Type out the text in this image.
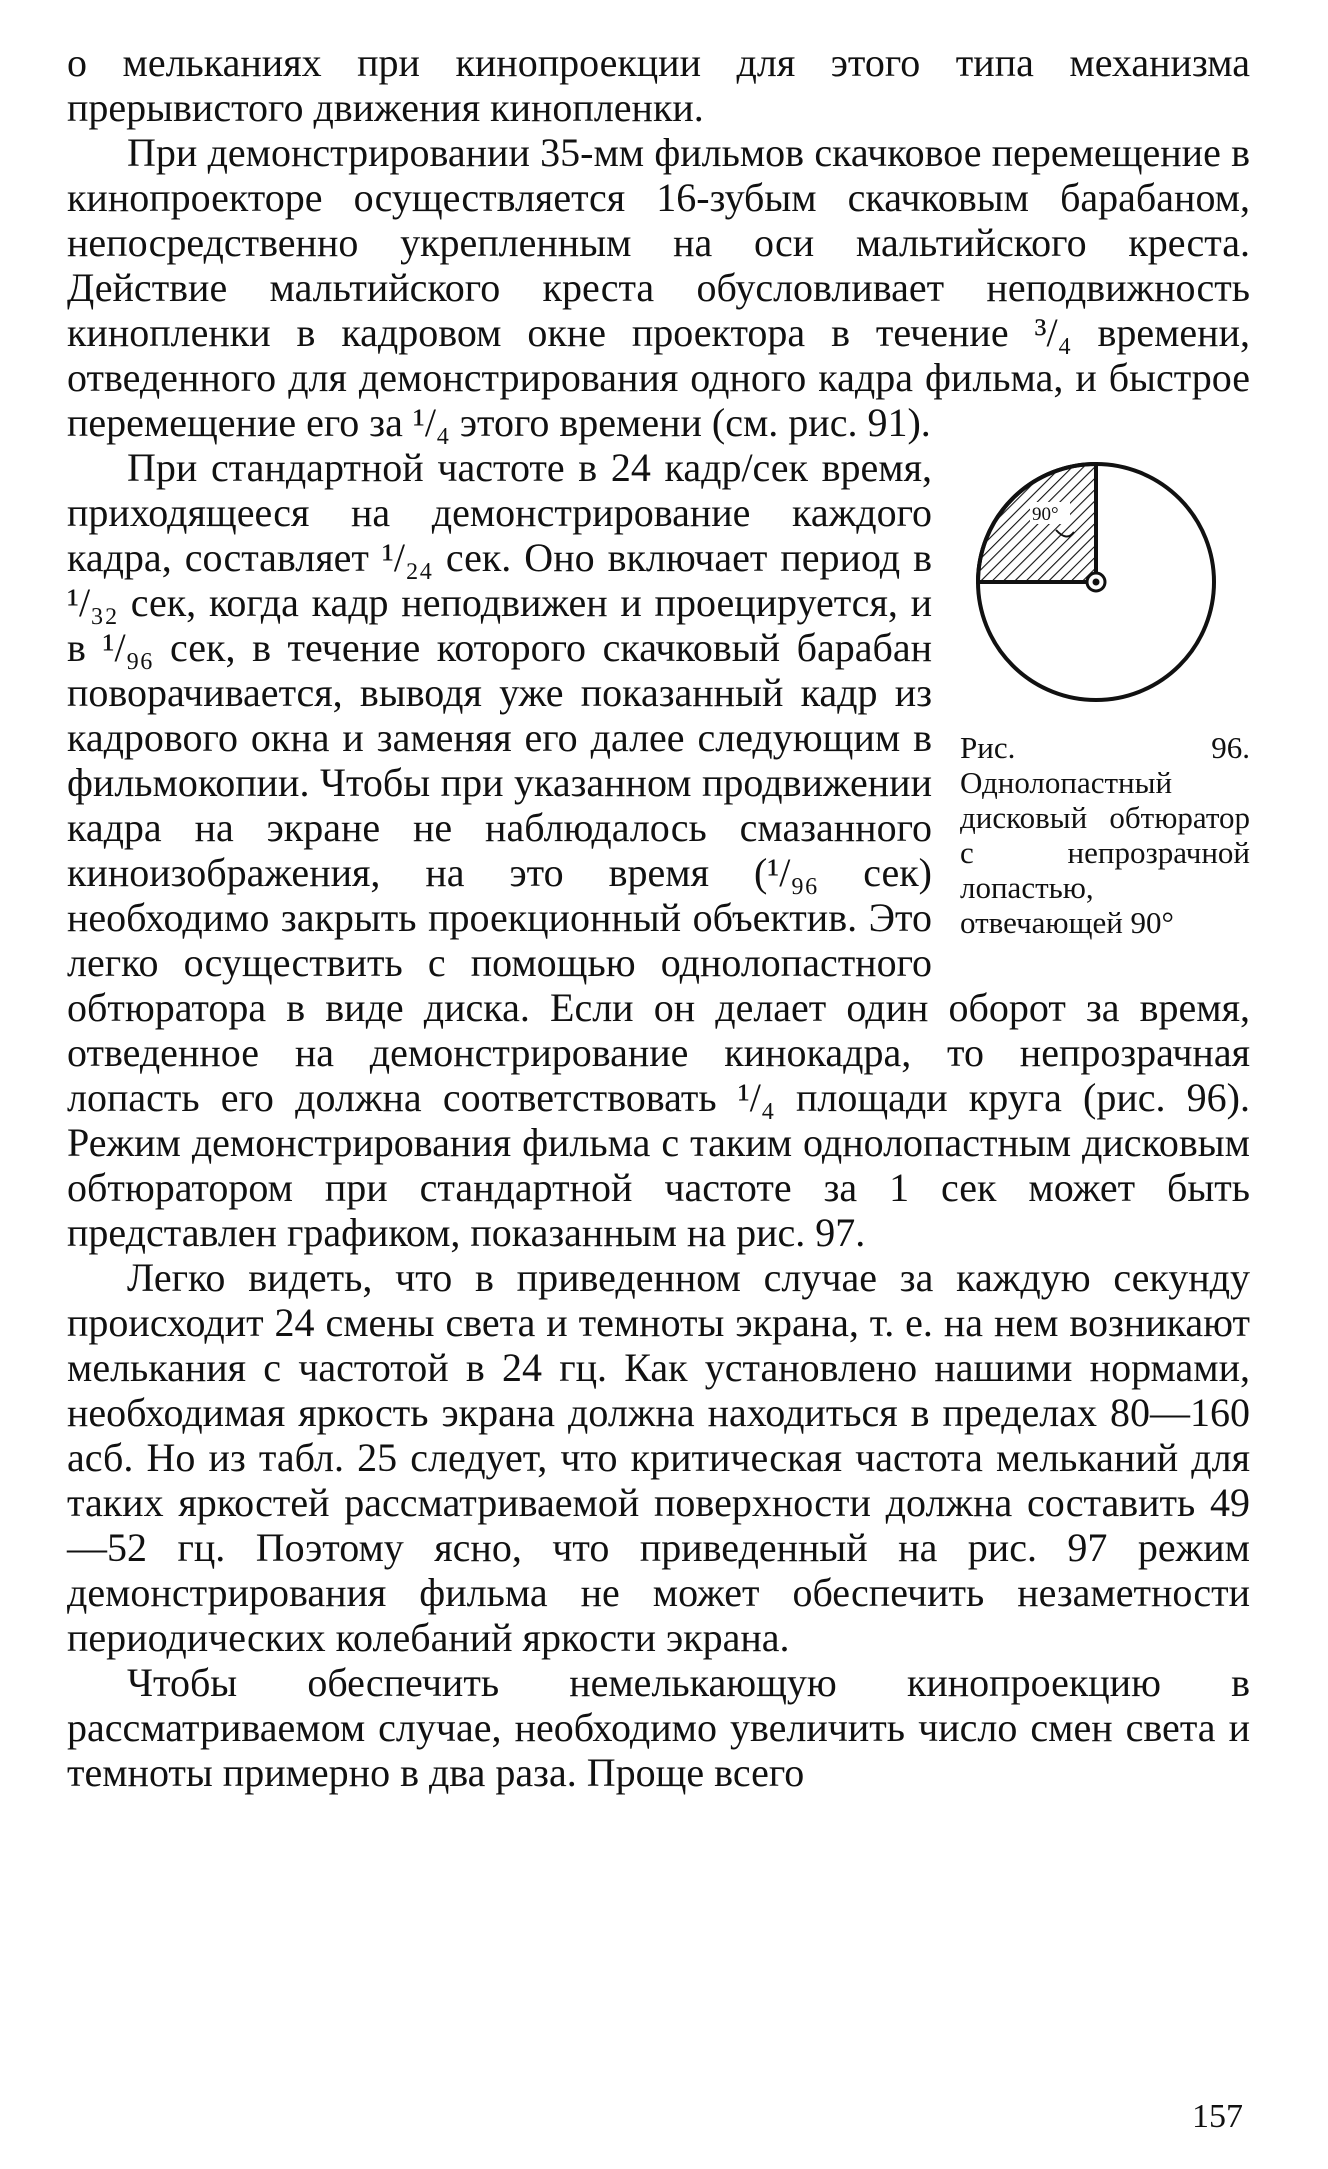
о мельканиях при кинопроекции для этого типа механизма прерывистого движения кинопленки.

При демонстрировании 35-мм фильмов скачковое перемещение в кинопроекторе осуществляется 16-зубым скачковым барабаном, непосредственно укрепленным на оси мальтийского креста. Действие мальтийского креста обусловливает неподвижность кинопленки в кадровом окне проектора в течение ³/₄ времени, отведенного для демонстрирования одного кадра фильма, и быстрое перемещение его за ¹/₄ этого времени (см. рис. 91).

90°

Рис. 96. Однолопастный дисковый обтюратор с непрозрачной лопастью, отвечающей 90°

При стандартной частоте в 24 кадр/сек время, приходящееся на демонстрирование каждого кадра, составляет ¹/₂₄ сек. Оно включает период в ¹/₃₂ сек, когда кадр неподвижен и проецируется, и в ¹/₉₆ сек, в течение которого скачковый барабан поворачивается, выводя уже показанный кадр из кадрового окна и заменяя его далее следующим в фильмокопии. Чтобы при указанном продвижении кадра на экране не наблюдалось смазанного киноизображения, на это время (¹/₉₆ сек) необходимо закрыть проекционный объектив. Это легко осуществить с помощью однолопастного обтюратора в виде диска. Если он делает один оборот за время, отведенное на демонстрирование кинокадра, то непрозрачная лопасть его должна соответствовать ¹/₄ площади круга (рис. 96). Режим демонстрирования фильма с таким однолопастным дисковым обтюратором при стандартной частоте за 1 сек может быть представлен графиком, показанным на рис. 97.

Легко видеть, что в приведенном случае за каждую секунду происходит 24 смены света и темноты экрана, т. е. на нем возникают мелькания с частотой в 24 гц. Как установлено нашими нормами, необходимая яркость экрана должна находиться в пределах 80—160 асб. Но из табл. 25 следует, что критическая частота мельканий для таких яркостей рассматриваемой поверхности должна составить 49—52 гц. Поэтому ясно, что приведенный на рис. 97 режим демонстрирования фильма не может обеспечить незаметности периодических колебаний яркости экрана.

Чтобы обеспечить немелькающую кинопроекцию в рассматриваемом случае, необходимо увеличить число смен света и темноты примерно в два раза. Проще всего

157
